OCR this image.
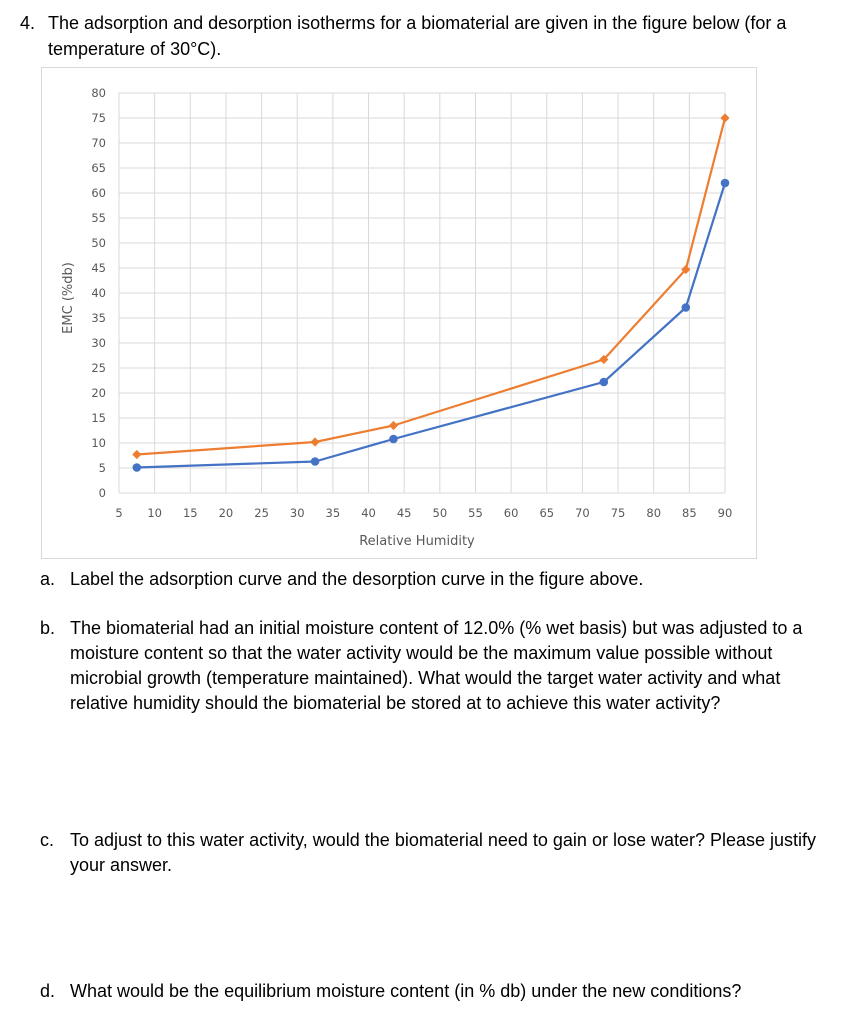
4. The adsorption and desorption isotherms for a biomaterial are given in the figure below (for a temperature of 30°C).
0
5
10
15
20
25
30
35
40
45
50
55
60
65
70
75
80
5 10 15 20 25 30 35 40 45 50 55 60 65 70 75 80 85 90
Relative Humidity
EMC (%db)
a. Label the adsorption curve and the desorption curve in the figure above.
b. The biomaterial had an initial moisture content of 12.0% (% wet basis) but was adjusted to a moisture content so that the water activity would be the maximum value possible without microbial growth (temperature maintained). What would the target water activity and what relative humidity should the biomaterial be stored at to achieve this water activity?
c. To adjust to this water activity, would the biomaterial need to gain or lose water? Please justify your answer.
d. What would be the equilibrium moisture content (in % db) under the new conditions?
